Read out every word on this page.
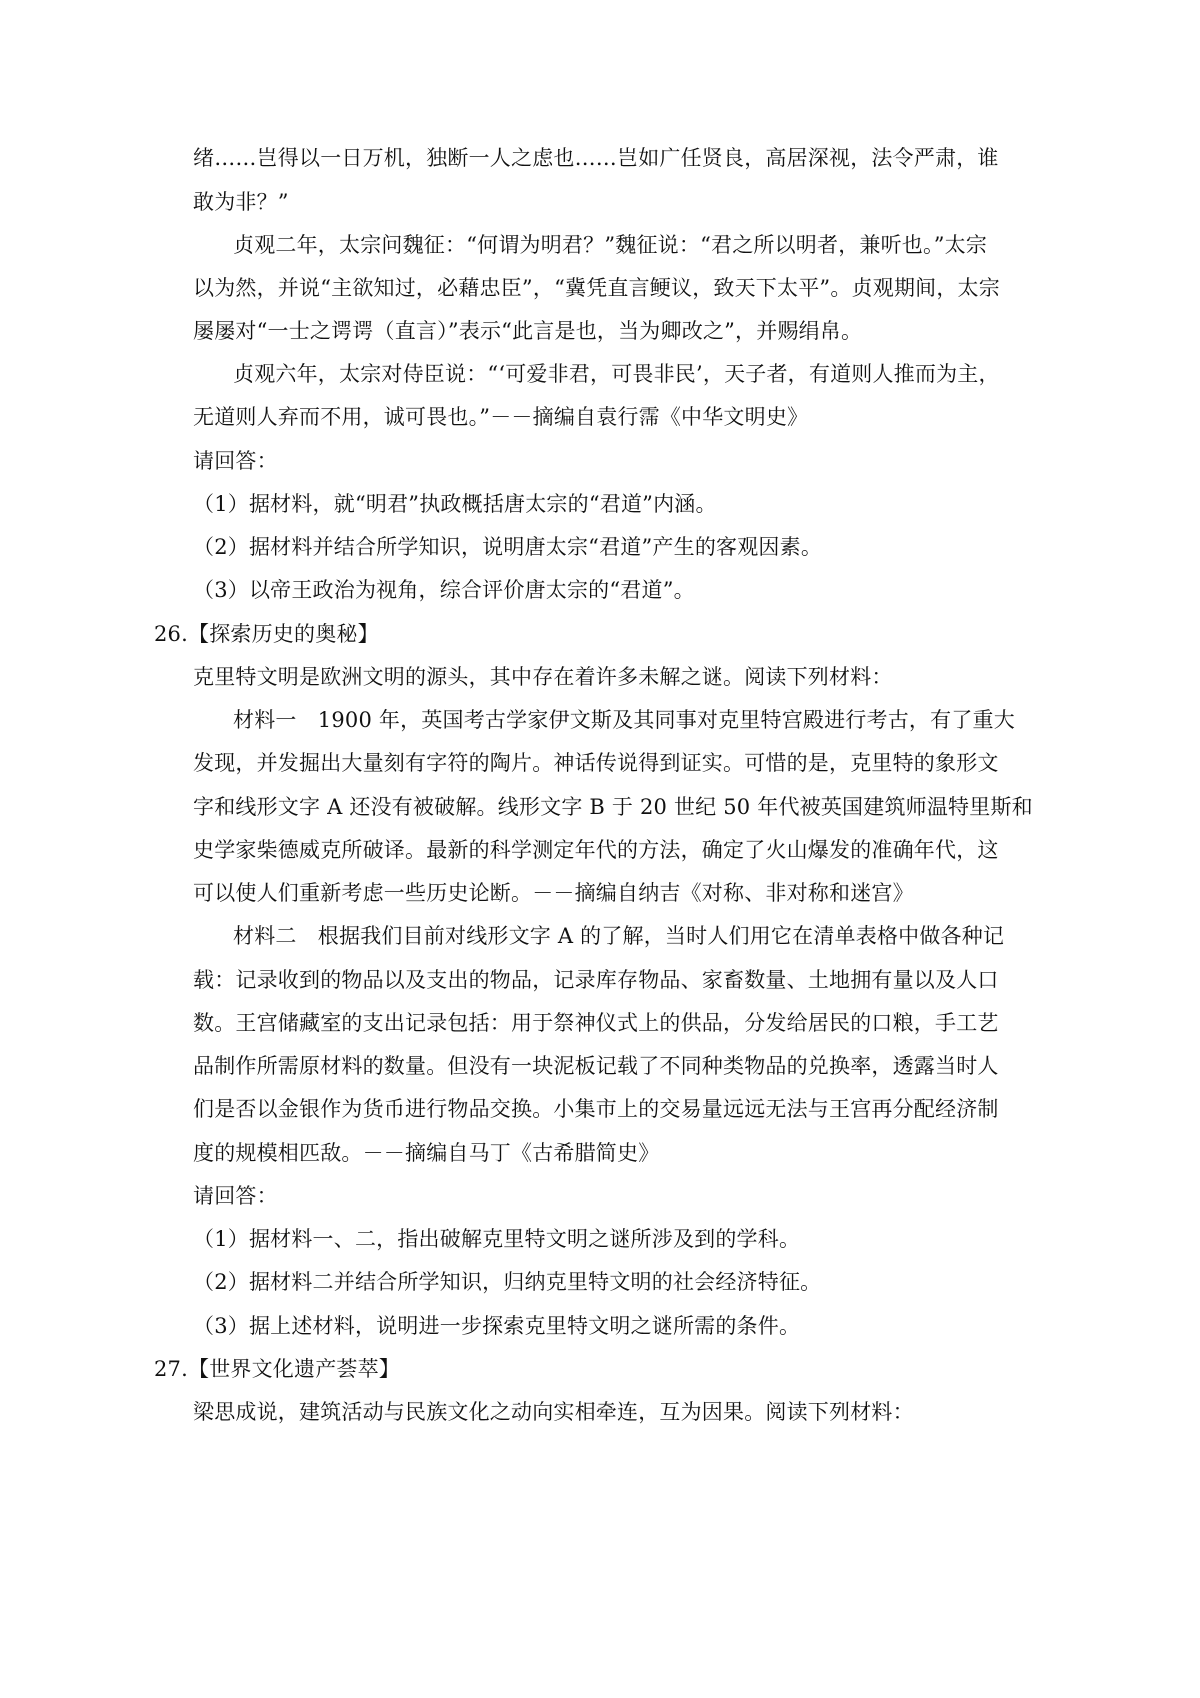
绪……岂得以一日万机，独断一人之虑也……岂如广任贤良，高居深视，法令严肃，谁
敢为非？”
贞观二年，太宗问魏征：“何谓为明君？”魏征说：“君之所以明者，兼听也。”太宗
以为然，并说“主欲知过，必藉忠臣”，“冀凭直言鲠议，致天下太平”。贞观期间，太宗
屡屡对“一士之谔谔（直言）”表示“此言是也，当为卿改之”，并赐绢帛。
贞观六年，太宗对侍臣说：“‘可爱非君，可畏非民’，天子者，有道则人推而为主，
无道则人弃而不用，诚可畏也。”－－摘编自袁行霈《中华文明史》
请回答：
（1）据材料，就“明君”执政概括唐太宗的“君道”内涵。
（2）据材料并结合所学知识，说明唐太宗“君道”产生的客观因素。
（3）以帝王政治为视角，综合评价唐太宗的“君道”。
26.【探索历史的奥秘】
克里特文明是欧洲文明的源头，其中存在着许多未解之谜。阅读下列材料：
材料一　1900 年，英国考古学家伊文斯及其同事对克里特宫殿进行考古，有了重大
发现，并发掘出大量刻有字符的陶片。神话传说得到证实。可惜的是，克里特的象形文
字和线形文字 A 还没有被破解。线形文字 B 于 20 世纪 50 年代被英国建筑师温特里斯和
史学家柴德威克所破译。最新的科学测定年代的方法，确定了火山爆发的准确年代，这
可以使人们重新考虑一些历史论断。－－摘编自纳吉《对称、非对称和迷宫》
材料二　根据我们目前对线形文字 A 的了解，当时人们用它在清单表格中做各种记
载：记录收到的物品以及支出的物品，记录库存物品、家畜数量、土地拥有量以及人口
数。王宫储藏室的支出记录包括：用于祭神仪式上的供品，分发给居民的口粮，手工艺
品制作所需原材料的数量。但没有一块泥板记载了不同种类物品的兑换率，透露当时人
们是否以金银作为货币进行物品交换。小集市上的交易量远远无法与王宫再分配经济制
度的规模相匹敌。－－摘编自马丁《古希腊简史》
请回答：
（1）据材料一、二，指出破解克里特文明之谜所涉及到的学科。
（2）据材料二并结合所学知识，归纳克里特文明的社会经济特征。
（3）据上述材料，说明进一步探索克里特文明之谜所需的条件。
27.【世界文化遗产荟萃】
梁思成说，建筑活动与民族文化之动向实相牵连，互为因果。阅读下列材料：
